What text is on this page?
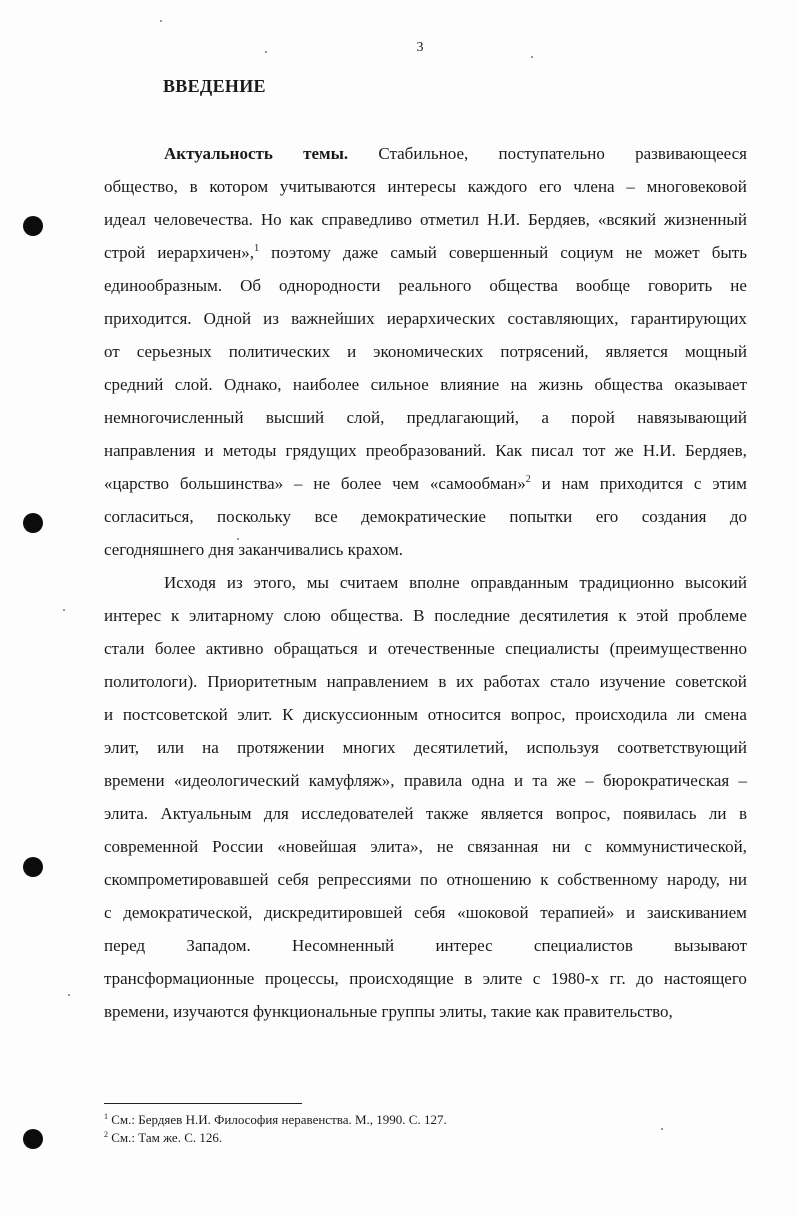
3
ВВЕДЕНИЕ
Актуальность темы. Стабильное, поступательно развивающееся
общество, в котором учитываются интересы каждого его члена – многовековой
идеал человечества. Но как справедливо отметил Н.И. Бердяев, «всякий жизненный
строй иерархичен»,$^1$ поэтому даже самый совершенный социум не может быть
единообразным. Об однородности реального общества вообще говорить не
приходится. Одной из важнейших иерархических составляющих, гарантирующих
от серьезных политических и экономических потрясений, является мощный
средний слой. Однако, наиболее сильное влияние на жизнь общества оказывает
немногочисленный высший слой, предлагающий, а порой навязывающий
направления и методы грядущих преобразований. Как писал тот же Н.И. Бердяев,
«царство большинства» – не более чем «самообман»$^2$ и нам приходится с этим
согласиться, поскольку все демократические попытки его создания до
сегодняшнего дня заканчивались крахом.
Исходя из этого, мы считаем вполне оправданным традиционно высокий
интерес к элитарному слою общества. В последние десятилетия к этой проблеме
стали более активно обращаться и отечественные специалисты (преимущественно
политологи). Приоритетным направлением в их работах стало изучение советской
и постсоветской элит. К дискуссионным относится вопрос, происходила ли смена
элит, или на протяжении многих десятилетий, используя соответствующий
времени «идеологический камуфляж», правила одна и та же – бюрократическая –
элита. Актуальным для исследователей также является вопрос, появилась ли в
современной России «новейшая элита», не связанная ни с коммунистической,
скомпрометировавшей себя репрессиями по отношению к собственному народу, ни
с демократической, дискредитировшей себя «шоковой терапией» и заискиванием
перед Западом. Несомненный интерес специалистов вызывают
трансформационные процессы, происходящие в элите с 1980-х гг. до настоящего
времени, изучаются функциональные группы элиты, такие как правительство,
$^1$ См.: Бердяев Н.И. Философия неравенства. М., 1990. С. 127.
$^2$ См.: Там же. С. 126.
